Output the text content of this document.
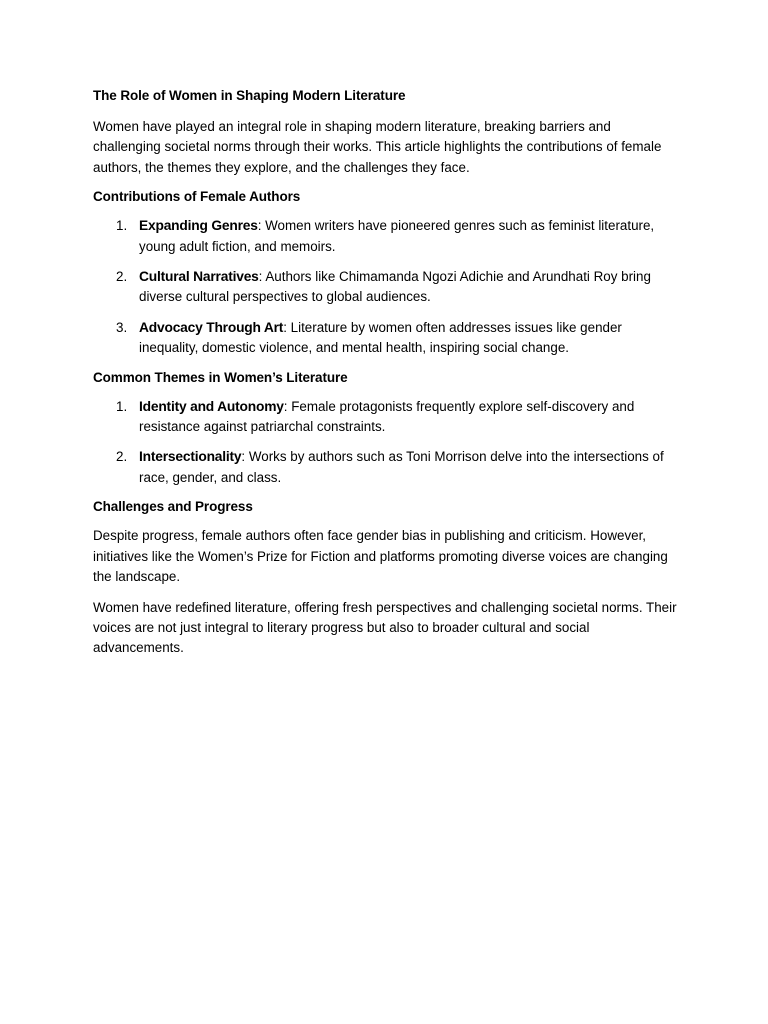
The Role of Women in Shaping Modern Literature

Women have played an integral role in shaping modern literature, breaking barriers and challenging societal norms through their works. This article highlights the contributions of female authors, the themes they explore, and the challenges they face.

Contributions of Female Authors
1. Expanding Genres: Women writers have pioneered genres such as feminist literature, young adult fiction, and memoirs.
2. Cultural Narratives: Authors like Chimamanda Ngozi Adichie and Arundhati Roy bring diverse cultural perspectives to global audiences.
3. Advocacy Through Art: Literature by women often addresses issues like gender inequality, domestic violence, and mental health, inspiring social change.
Common Themes in Women’s Literature
1. Identity and Autonomy: Female protagonists frequently explore self-discovery and resistance against patriarchal constraints.
2. Intersectionality: Works by authors such as Toni Morrison delve into the intersections of race, gender, and class.
Challenges and Progress

Despite progress, female authors often face gender bias in publishing and criticism. However, initiatives like the Women’s Prize for Fiction and platforms promoting diverse voices are changing the landscape.

Women have redefined literature, offering fresh perspectives and challenging societal norms. Their voices are not just integral to literary progress but also to broader cultural and social advancements.
